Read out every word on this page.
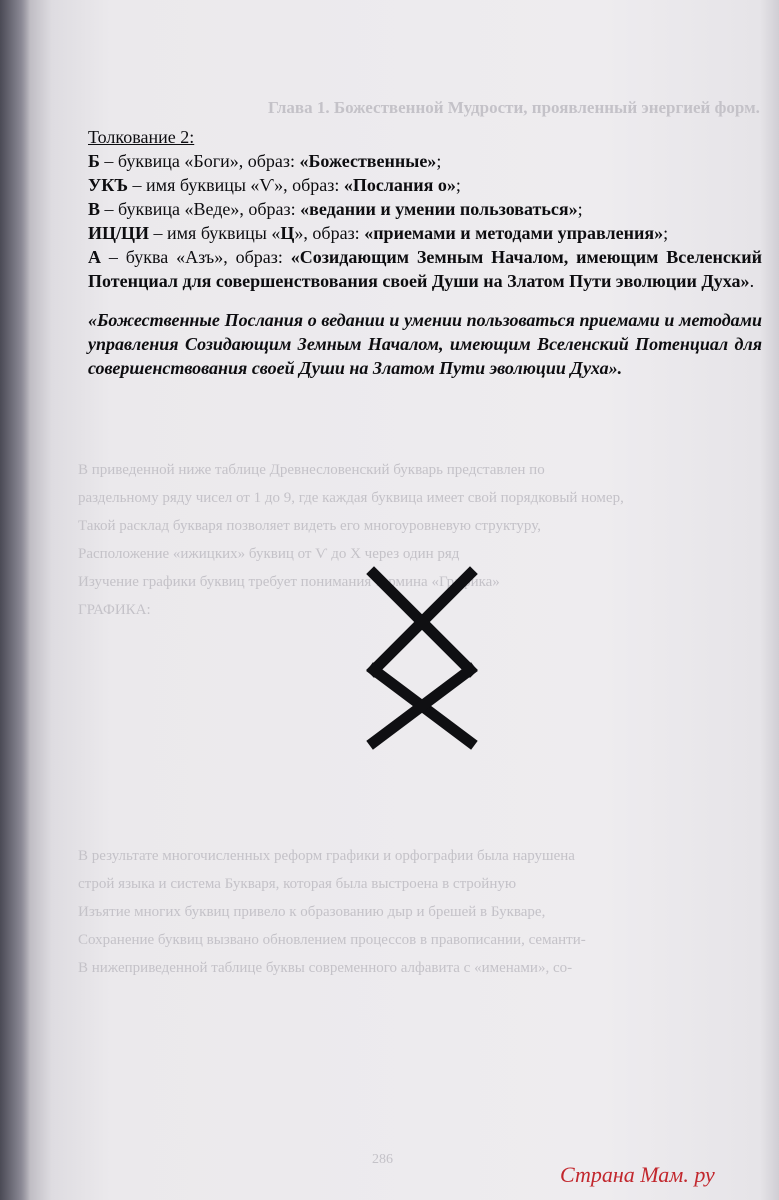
Глава 1. Божественной Мудрости, проявленный энергией форм.
В приведенной ниже таблице Древнесловенский букварь представлен по
раздельному ряду чисел от 1 до 9, где каждая буквица имеет свой порядковый номер,
Такой расклад букваря позволяет видеть его многоуровневую структуру,
Расположение «ижицких» буквиц от Ѵ до Х через один ряд
Изучение графики буквиц требует понимания термина «Графика»
ГРАФИКА:
В результате многочисленных реформ графики и орфографии была нарушена
строй языка и система Букваря, которая была выстроена в стройную
Изъятие многих буквиц привело к образованию дыр и брешей в Букваре,
Сохранение буквиц вызвано обновлением процессов в правописании, семанти-
В нижеприведенной таблице буквы современного алфавита с «именами», со-
286

Толкование 2:

Б – буквица «Боги», образ: «Божественные»;

УКЪ – имя буквицы «Ѵ», образ: «Послания о»;

В – буквица «Веде», образ: «ведании и умении пользоваться»;

ИЦ/ЦИ – имя буквицы «Ц», образ: «приемами и методами управления»;

А – буква «Азъ», образ: «Созидающим Земным Началом, имеющим Вселенский Потенциал для совершенствования своей Души на Златом Пути эволюции Духа».

«Божественные Послания о ведании и умении пользоваться приемами и методами управления Созидающим Земным Началом, имеющим Вселенский Потенциал для совершенствования своей Души на Златом Пути эволюции Духа».

Страна Мам. ру
